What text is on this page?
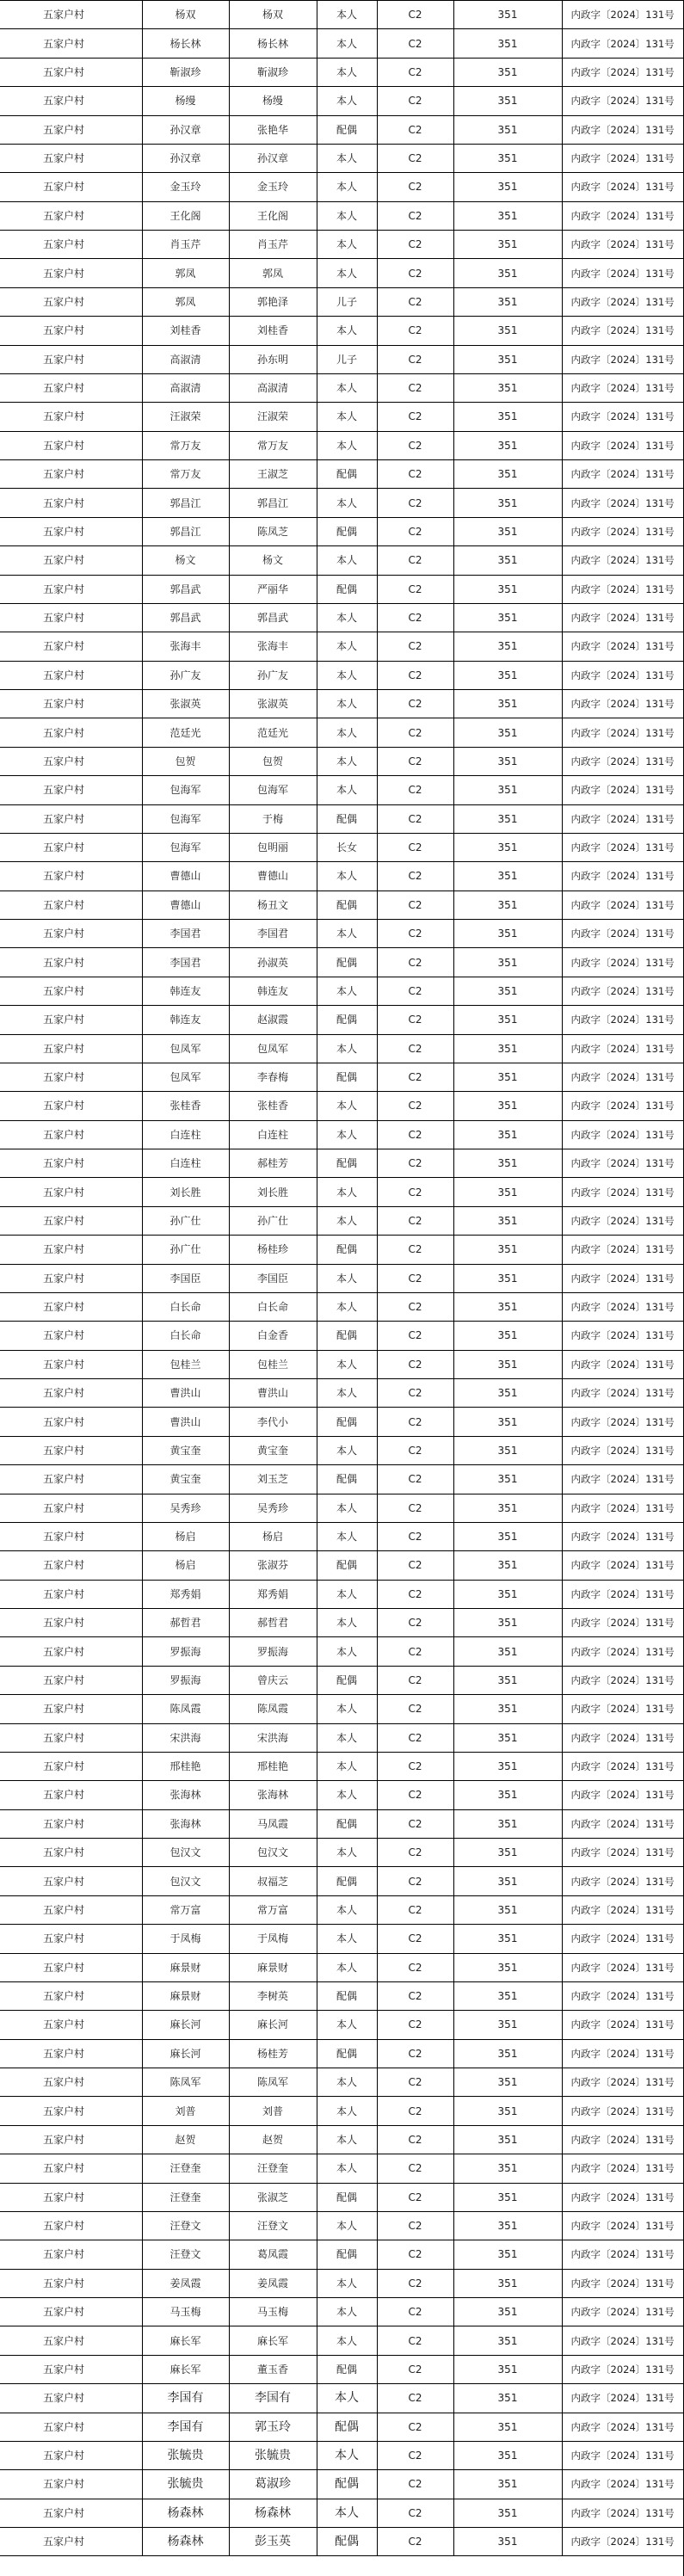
五家户村	杨双	杨双	本人	C2	351	内政字〔2024〕131号
五家户村	杨长林	杨长林	本人	C2	351	内政字〔2024〕131号
五家户村	靳淑珍	靳淑珍	本人	C2	351	内政字〔2024〕131号
五家户村	杨缦	杨缦	本人	C2	351	内政字〔2024〕131号
五家户村	孙汉章	张艳华	配偶	C2	351	内政字〔2024〕131号
五家户村	孙汉章	孙汉章	本人	C2	351	内政字〔2024〕131号
五家户村	金玉玲	金玉玲	本人	C2	351	内政字〔2024〕131号
五家户村	王化阁	王化阁	本人	C2	351	内政字〔2024〕131号
五家户村	肖玉芹	肖玉芹	本人	C2	351	内政字〔2024〕131号
五家户村	郭凤	郭凤	本人	C2	351	内政字〔2024〕131号
五家户村	郭凤	郭艳泽	儿子	C2	351	内政字〔2024〕131号
五家户村	刘桂香	刘桂香	本人	C2	351	内政字〔2024〕131号
五家户村	高淑清	孙东明	儿子	C2	351	内政字〔2024〕131号
五家户村	高淑清	高淑清	本人	C2	351	内政字〔2024〕131号
五家户村	汪淑荣	汪淑荣	本人	C2	351	内政字〔2024〕131号
五家户村	常万友	常万友	本人	C2	351	内政字〔2024〕131号
五家户村	常万友	王淑芝	配偶	C2	351	内政字〔2024〕131号
五家户村	郭昌江	郭昌江	本人	C2	351	内政字〔2024〕131号
五家户村	郭昌江	陈凤芝	配偶	C2	351	内政字〔2024〕131号
五家户村	杨文	杨文	本人	C2	351	内政字〔2024〕131号
五家户村	郭昌武	严丽华	配偶	C2	351	内政字〔2024〕131号
五家户村	郭昌武	郭昌武	本人	C2	351	内政字〔2024〕131号
五家户村	张海丰	张海丰	本人	C2	351	内政字〔2024〕131号
五家户村	孙广友	孙广友	本人	C2	351	内政字〔2024〕131号
五家户村	张淑英	张淑英	本人	C2	351	内政字〔2024〕131号
五家户村	范廷光	范廷光	本人	C2	351	内政字〔2024〕131号
五家户村	包贺	包贺	本人	C2	351	内政字〔2024〕131号
五家户村	包海军	包海军	本人	C2	351	内政字〔2024〕131号
五家户村	包海军	于梅	配偶	C2	351	内政字〔2024〕131号
五家户村	包海军	包明丽	长女	C2	351	内政字〔2024〕131号
五家户村	曹德山	曹德山	本人	C2	351	内政字〔2024〕131号
五家户村	曹德山	杨丑文	配偶	C2	351	内政字〔2024〕131号
五家户村	李国君	李国君	本人	C2	351	内政字〔2024〕131号
五家户村	李国君	孙淑英	配偶	C2	351	内政字〔2024〕131号
五家户村	韩连友	韩连友	本人	C2	351	内政字〔2024〕131号
五家户村	韩连友	赵淑霞	配偶	C2	351	内政字〔2024〕131号
五家户村	包凤军	包凤军	本人	C2	351	内政字〔2024〕131号
五家户村	包凤军	李春梅	配偶	C2	351	内政字〔2024〕131号
五家户村	张桂香	张桂香	本人	C2	351	内政字〔2024〕131号
五家户村	白连柱	白连柱	本人	C2	351	内政字〔2024〕131号
五家户村	白连柱	郝桂芳	配偶	C2	351	内政字〔2024〕131号
五家户村	刘长胜	刘长胜	本人	C2	351	内政字〔2024〕131号
五家户村	孙广仕	孙广仕	本人	C2	351	内政字〔2024〕131号
五家户村	孙广仕	杨桂珍	配偶	C2	351	内政字〔2024〕131号
五家户村	李国臣	李国臣	本人	C2	351	内政字〔2024〕131号
五家户村	白长命	白长命	本人	C2	351	内政字〔2024〕131号
五家户村	白长命	白金香	配偶	C2	351	内政字〔2024〕131号
五家户村	包桂兰	包桂兰	本人	C2	351	内政字〔2024〕131号
五家户村	曹洪山	曹洪山	本人	C2	351	内政字〔2024〕131号
五家户村	曹洪山	李代小	配偶	C2	351	内政字〔2024〕131号
五家户村	黄宝奎	黄宝奎	本人	C2	351	内政字〔2024〕131号
五家户村	黄宝奎	刘玉芝	配偶	C2	351	内政字〔2024〕131号
五家户村	吴秀珍	吴秀珍	本人	C2	351	内政字〔2024〕131号
五家户村	杨启	杨启	本人	C2	351	内政字〔2024〕131号
五家户村	杨启	张淑芬	配偶	C2	351	内政字〔2024〕131号
五家户村	郑秀娟	郑秀娟	本人	C2	351	内政字〔2024〕131号
五家户村	郝哲君	郝哲君	本人	C2	351	内政字〔2024〕131号
五家户村	罗振海	罗振海	本人	C2	351	内政字〔2024〕131号
五家户村	罗振海	曾庆云	配偶	C2	351	内政字〔2024〕131号
五家户村	陈凤霞	陈凤霞	本人	C2	351	内政字〔2024〕131号
五家户村	宋洪海	宋洪海	本人	C2	351	内政字〔2024〕131号
五家户村	邢桂艳	邢桂艳	本人	C2	351	内政字〔2024〕131号
五家户村	张海林	张海林	本人	C2	351	内政字〔2024〕131号
五家户村	张海林	马凤霞	配偶	C2	351	内政字〔2024〕131号
五家户村	包汉文	包汉文	本人	C2	351	内政字〔2024〕131号
五家户村	包汉文	叔福芝	配偶	C2	351	内政字〔2024〕131号
五家户村	常万富	常万富	本人	C2	351	内政字〔2024〕131号
五家户村	于凤梅	于凤梅	本人	C2	351	内政字〔2024〕131号
五家户村	麻景财	麻景财	本人	C2	351	内政字〔2024〕131号
五家户村	麻景财	李树英	配偶	C2	351	内政字〔2024〕131号
五家户村	麻长河	麻长河	本人	C2	351	内政字〔2024〕131号
五家户村	麻长河	杨桂芳	配偶	C2	351	内政字〔2024〕131号
五家户村	陈凤军	陈凤军	本人	C2	351	内政字〔2024〕131号
五家户村	刘普	刘普	本人	C2	351	内政字〔2024〕131号
五家户村	赵贺	赵贺	本人	C2	351	内政字〔2024〕131号
五家户村	汪登奎	汪登奎	本人	C2	351	内政字〔2024〕131号
五家户村	汪登奎	张淑芝	配偶	C2	351	内政字〔2024〕131号
五家户村	汪登文	汪登文	本人	C2	351	内政字〔2024〕131号
五家户村	汪登文	葛凤霞	配偶	C2	351	内政字〔2024〕131号
五家户村	姜凤霞	姜凤霞	本人	C2	351	内政字〔2024〕131号
五家户村	马玉梅	马玉梅	本人	C2	351	内政字〔2024〕131号
五家户村	麻长军	麻长军	本人	C2	351	内政字〔2024〕131号
五家户村	麻长军	董玉香	配偶	C2	351	内政字〔2024〕131号
五家户村	李国有	李国有	本人	C2	351	内政字〔2024〕131号
五家户村	李国有	郭玉玲	配偶	C2	351	内政字〔2024〕131号
五家户村	张毓贵	张毓贵	本人	C2	351	内政字〔2024〕131号
五家户村	张毓贵	葛淑珍	配偶	C2	351	内政字〔2024〕131号
五家户村	杨森林	杨森林	本人	C2	351	内政字〔2024〕131号
五家户村	杨森林	彭玉英	配偶	C2	351	内政字〔2024〕131号
